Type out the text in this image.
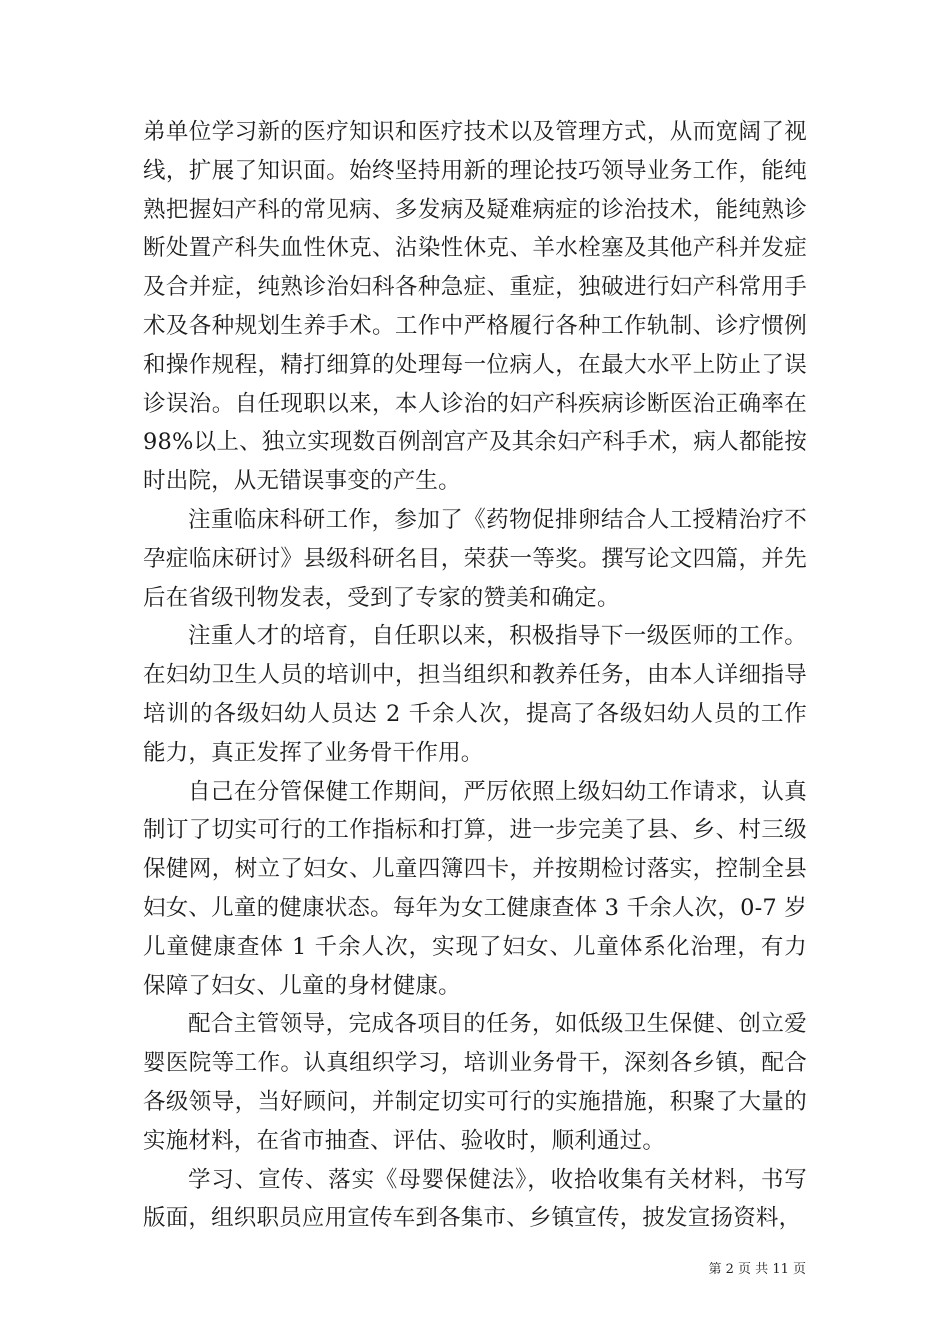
弟单位学习新的医疗知识和医疗技术以及管理方式，从而宽阔了视线，扩展了知识面。始终坚持用新的理论技巧领导业务工作，能纯熟把握妇产科的常见病、多发病及疑难病症的诊治技术，能纯熟诊断处置产科失血性休克、沾染性休克、羊水栓塞及其他产科并发症及合并症，纯熟诊治妇科各种急症、重症，独破进行妇产科常用手术及各种规划生养手术。工作中严格履行各种工作轨制、诊疗惯例和操作规程，精打细算的处理每一位病人，在最大水平上防止了误诊误治。自任现职以来，本人诊治的妇产科疾病诊断医治正确率在98%以上、独立实现数百例剖宫产及其余妇产科手术，病人都能按时出院，从无错误事变的产生。

注重临床科研工作，参加了《药物促排卵结合人工授精治疗不孕症临床研讨》县级科研名目，荣获一等奖。撰写论文四篇，并先后在省级刊物发表，受到了专家的赞美和确定。

注重人才的培育，自任职以来，积极指导下一级医师的工作。在妇幼卫生人员的培训中，担当组织和教养任务，由本人详细指导培训的各级妇幼人员达 2 千余人次，提高了各级妇幼人员的工作能力，真正发挥了业务骨干作用。

自己在分管保健工作期间，严厉依照上级妇幼工作请求，认真制订了切实可行的工作指标和打算，进一步完美了县、乡、村三级保健网，树立了妇女、儿童四簿四卡，并按期检讨落实，控制全县妇女、儿童的健康状态。每年为女工健康查体 3 千余人次，0-7 岁儿童健康查体 1 千余人次，实现了妇女、儿童体系化治理，有力保障了妇女、儿童的身材健康。

配合主管领导，完成各项目的任务，如低级卫生保健、创立爱婴医院等工作。认真组织学习，培训业务骨干，深刻各乡镇，配合各级领导，当好顾问，并制定切实可行的实施措施，积聚了大量的实施材料，在省市抽查、评估、验收时，顺利通过。

学习、宣传、落实《母婴保健法》，收拾收集有关材料，书写版面，组织职员应用宣传车到各集市、乡镇宣传，披发宣扬资料，

第 2 页 共 11 页
